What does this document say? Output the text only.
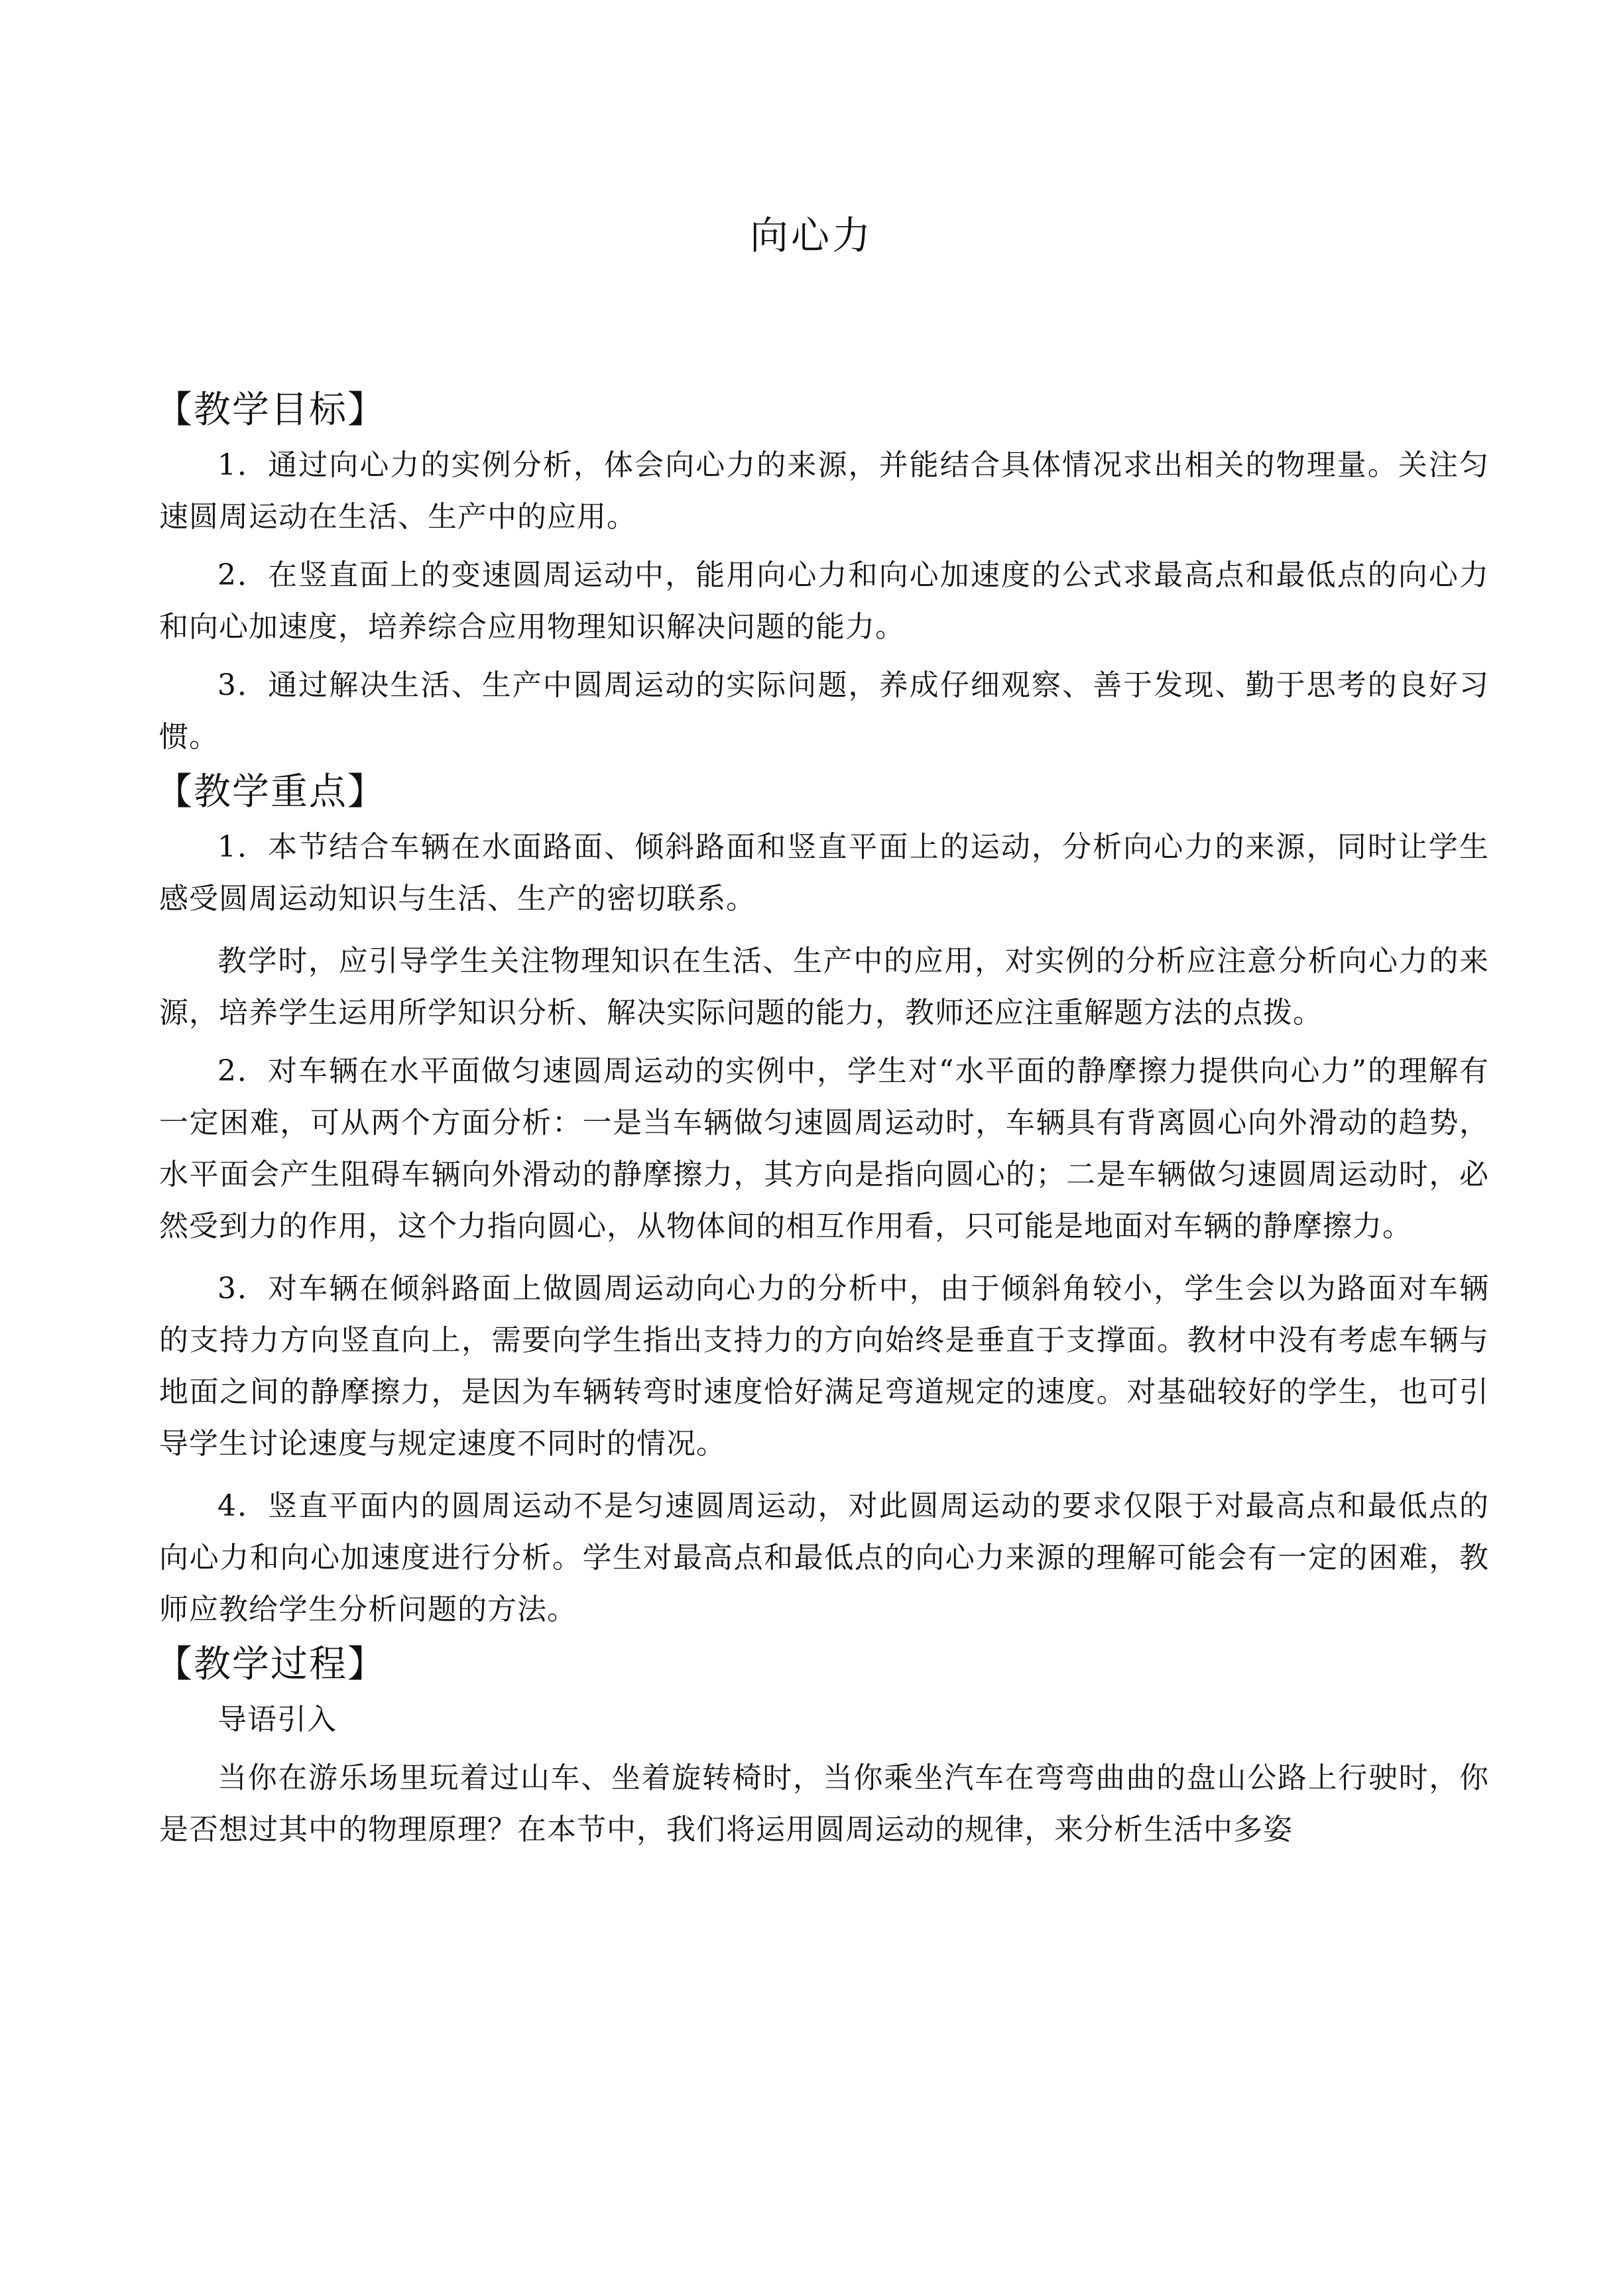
向心力

【教学目标】

1．通过向心力的实例分析，体会向心力的来源，并能结合具体情况求出相关的物理量。关注匀速圆周运动在生活、生产中的应用。

2．在竖直面上的变速圆周运动中，能用向心力和向心加速度的公式求最高点和最低点的向心力和向心加速度，培养综合应用物理知识解决问题的能力。

3．通过解决生活、生产中圆周运动的实际问题，养成仔细观察、善于发现、勤于思考的良好习惯。

【教学重点】

1．本节结合车辆在水面路面、倾斜路面和竖直平面上的运动，分析向心力的来源，同时让学生感受圆周运动知识与生活、生产的密切联系。

教学时，应引导学生关注物理知识在生活、生产中的应用，对实例的分析应注意分析向心力的来源，培养学生运用所学知识分析、解决实际问题的能力，教师还应注重解题方法的点拨。

2．对车辆在水平面做匀速圆周运动的实例中，学生对“水平面的静摩擦力提供向心力”的理解有一定困难，可从两个方面分析：一是当车辆做匀速圆周运动时，车辆具有背离圆心向外滑动的趋势，水平面会产生阻碍车辆向外滑动的静摩擦力，其方向是指向圆心的；二是车辆做匀速圆周运动时，必然受到力的作用，这个力指向圆心，从物体间的相互作用看，只可能是地面对车辆的静摩擦力。

3．对车辆在倾斜路面上做圆周运动向心力的分析中，由于倾斜角较小，学生会以为路面对车辆的支持力方向竖直向上，需要向学生指出支持力的方向始终是垂直于支撑面。教材中没有考虑车辆与地面之间的静摩擦力，是因为车辆转弯时速度恰好满足弯道规定的速度。对基础较好的学生，也可引导学生讨论速度与规定速度不同时的情况。

4．竖直平面内的圆周运动不是匀速圆周运动，对此圆周运动的要求仅限于对最高点和最低点的向心力和向心加速度进行分析。学生对最高点和最低点的向心力来源的理解可能会有一定的困难，教师应教给学生分析问题的方法。

【教学过程】

导语引入

当你在游乐场里玩着过山车、坐着旋转椅时，当你乘坐汽车在弯弯曲曲的盘山公路上行驶时，你是否想过其中的物理原理？在本节中，我们将运用圆周运动的规律，来分析生活中多姿
